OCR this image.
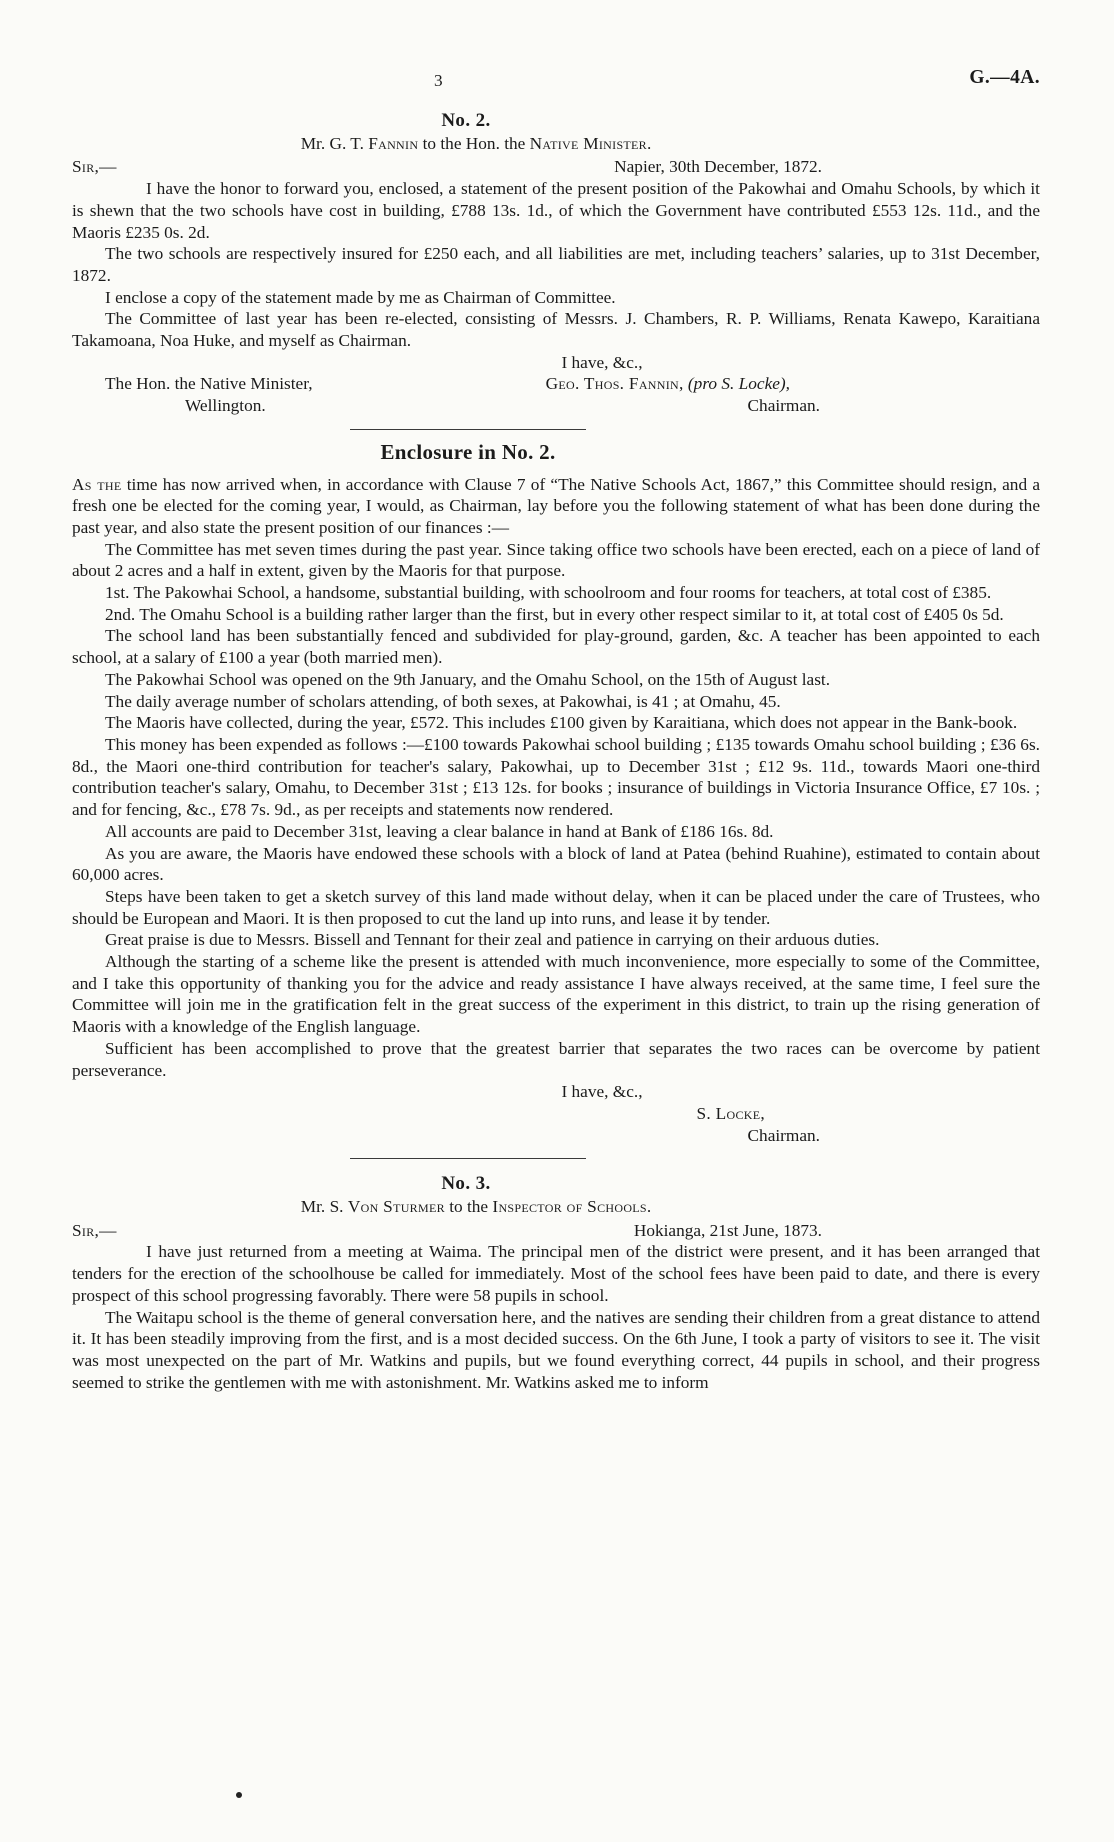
3	G.—4A.
No. 2.
Mr. G. T. Fannin to the Hon. the Native Minister.
Sir,—	Napier, 30th December, 1872.

I have the honor to forward you, enclosed, a statement of the present position of the Pakowhai and Omahu Schools, by which it is shewn that the two schools have cost in building, £788 13s. 1d., of which the Government have contributed £553 12s. 11d., and the Maoris £235 0s. 2d.

The two schools are respectively insured for £250 each, and all liabilities are met, including teachers’ salaries, up to 31st December, 1872.

I enclose a copy of the statement made by me as Chairman of Committee.

The Committee of last year has been re-elected, consisting of Messrs. J. Chambers, R. P. Williams, Renata Kawepo, Karaitiana Takamoana, Noa Huke, and myself as Chairman.

I have, &c.,
The Hon. the Native Minister,	Geo. Thos. Fannin, (pro S. Locke),
Wellington.	Chairman.
Enclosure in No. 2.

As the time has now arrived when, in accordance with Clause 7 of “The Native Schools Act, 1867,” this Committee should resign, and a fresh one be elected for the coming year, I would, as Chairman, lay before you the following statement of what has been done during the past year, and also state the present position of our finances :—

The Committee has met seven times during the past year. Since taking office two schools have been erected, each on a piece of land of about 2 acres and a half in extent, given by the Maoris for that purpose.

1st. The Pakowhai School, a handsome, substantial building, with schoolroom and four rooms for teachers, at total cost of £385.

2nd. The Omahu School is a building rather larger than the first, but in every other respect similar to it, at total cost of £405 0s 5d.

The school land has been substantially fenced and subdivided for play-ground, garden, &c. A teacher has been appointed to each school, at a salary of £100 a year (both married men).

The Pakowhai School was opened on the 9th January, and the Omahu School, on the 15th of August last.

The daily average number of scholars attending, of both sexes, at Pakowhai, is 41 ; at Omahu, 45.

The Maoris have collected, during the year, £572. This includes £100 given by Karaitiana, which does not appear in the Bank-book.

This money has been expended as follows :—£100 towards Pakowhai school building ; £135 towards Omahu school building ; £36 6s. 8d., the Maori one-third contribution for teacher's salary, Pakowhai, up to December 31st ; £12 9s. 11d., towards Maori one-third contribution teacher's salary, Omahu, to December 31st ; £13 12s. for books ; insurance of buildings in Victoria Insurance Office, £7 10s. ; and for fencing, &c., £78 7s. 9d., as per receipts and statements now rendered.

All accounts are paid to December 31st, leaving a clear balance in hand at Bank of £186 16s. 8d.

As you are aware, the Maoris have endowed these schools with a block of land at Patea (behind Ruahine), estimated to contain about 60,000 acres.

Steps have been taken to get a sketch survey of this land made without delay, when it can be placed under the care of Trustees, who should be European and Maori. It is then proposed to cut the land up into runs, and lease it by tender.

Great praise is due to Messrs. Bissell and Tennant for their zeal and patience in carrying on their arduous duties.

Although the starting of a scheme like the present is attended with much inconvenience, more especially to some of the Committee, and I take this opportunity of thanking you for the advice and ready assistance I have always received, at the same time, I feel sure the Committee will join me in the gratification felt in the great success of the experiment in this district, to train up the rising generation of Maoris with a knowledge of the English language.

Sufficient has been accomplished to prove that the greatest barrier that separates the two races can be overcome by patient perseverance.

I have, &c.,
S. Locke,
Chairman.
No. 3.
Mr. S. Von Sturmer to the Inspector of Schools.
Sir,—	Hokianga, 21st June, 1873.

I have just returned from a meeting at Waima. The principal men of the district were present, and it has been arranged that tenders for the erection of the schoolhouse be called for immediately. Most of the school fees have been paid to date, and there is every prospect of this school progressing favorably. There were 58 pupils in school.

The Waitapu school is the theme of general conversation here, and the natives are sending their children from a great distance to attend it. It has been steadily improving from the first, and is a most decided success. On the 6th June, I took a party of visitors to see it. The visit was most unexpected on the part of Mr. Watkins and pupils, but we found everything correct, 44 pupils in school, and their progress seemed to strike the gentlemen with me with astonishment. Mr. Watkins asked me to inform
